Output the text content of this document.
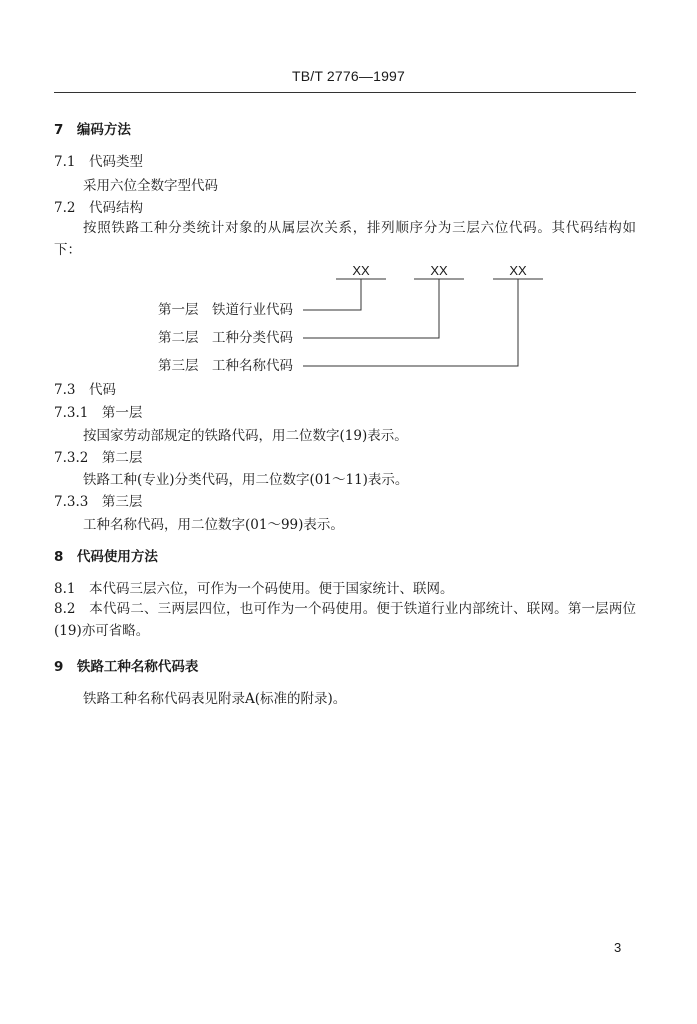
TB/T 2776—1997
7　编码方法
7.1　代码类型
采用六位全数字型代码
7.2　代码结构
按照铁路工种分类统计对象的从属层次关系，排列顺序分为三层六位代码。其代码结构如下：
XX	XX	XX
第一层　铁道行业代码
第二层　工种分类代码
第三层　工种名称代码
7.3　代码
7.3.1　第一层
按国家劳动部规定的铁路代码，用二位数字(19)表示。
7.3.2　第二层
铁路工种(专业)分类代码，用二位数字(01～11)表示。
7.3.3　第三层
工种名称代码，用二位数字(01～99)表示。
8　代码使用方法
8.1　本代码三层六位，可作为一个码使用。便于国家统计、联网。
8.2　本代码二、三两层四位，也可作为一个码使用。便于铁道行业内部统计、联网。第一层两位(19)亦可省略。
9　铁路工种名称代码表
铁路工种名称代码表见附录A(标准的附录)。
3
